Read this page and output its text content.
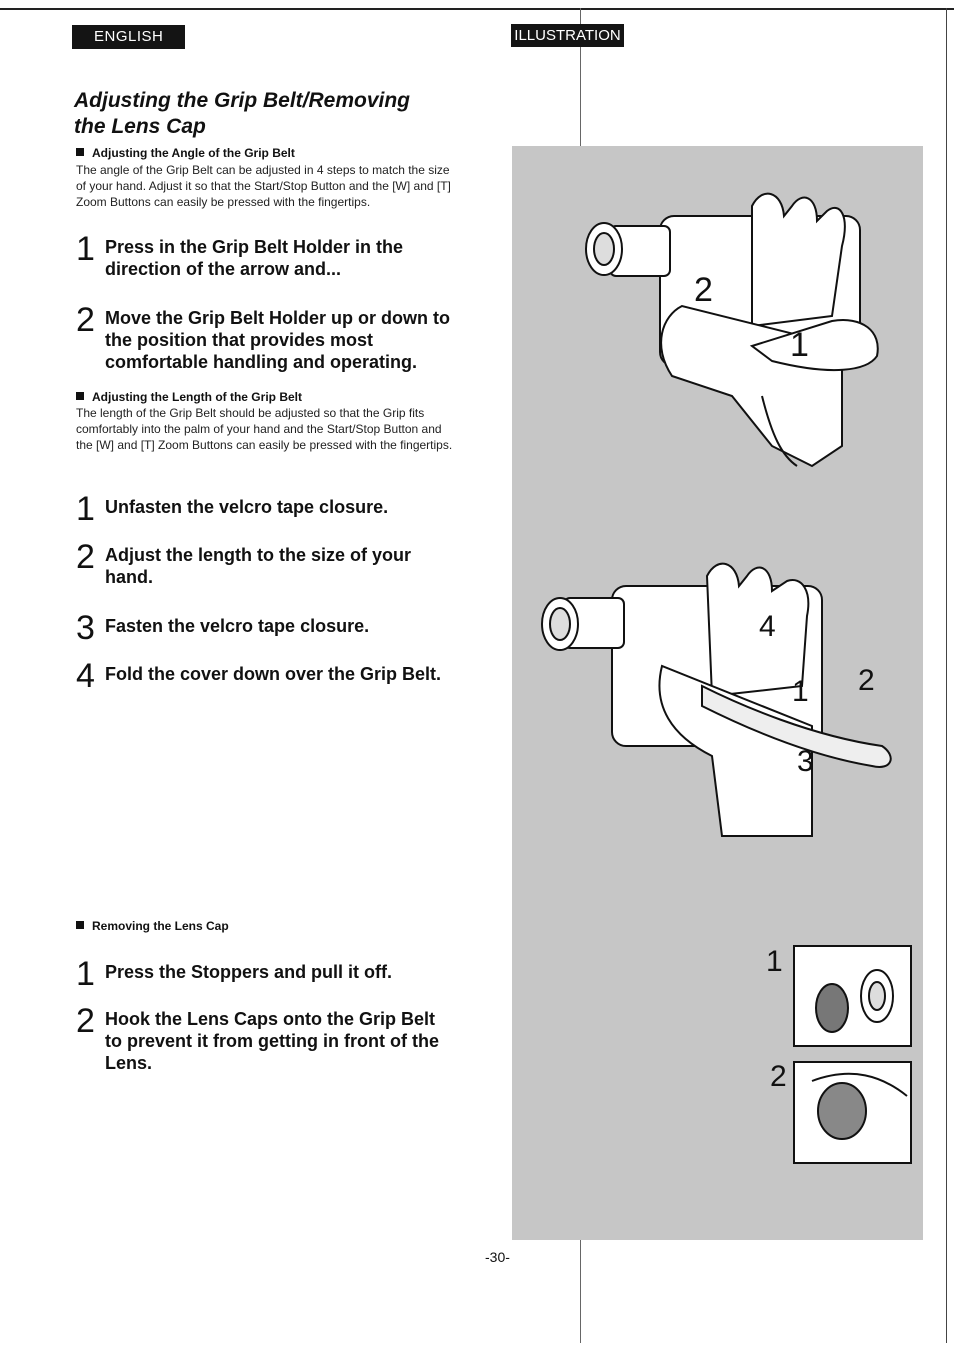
ENGLISH	ILLUSTRATION
Adjusting the Grip Belt/Removing
the Lens Cap
Adjusting the Angle of the Grip Belt
The angle of the Grip Belt can be adjusted in 4 steps to match the size of your hand. Adjust it so that the Start/Stop Button and the [W] and [T] Zoom Buttons can easily be pressed with the fingertips.
1 Press in the Grip Belt Holder in the direction of the arrow and...
2 Move the Grip Belt Holder up or down to the position that provides most comfortable handling and operating.
Adjusting the Length of the Grip Belt
The length of the Grip Belt should be adjusted so that the Grip fits comfortably into the palm of your hand and the Start/Stop Button and the [W] and [T] Zoom Buttons can easily be pressed with the fingertips.
1 Unfasten the velcro tape closure.
2 Adjust the length to the size of your hand.
3 Fasten the velcro tape closure.
4 Fold the cover down over the Grip Belt.
Removing the Lens Cap
1 Press the Stoppers and pull it off.
2 Hook the Lens Caps onto the Grip Belt to prevent it from getting in front of the Lens.
2
1
4
1 2
3
1
2
-30-
